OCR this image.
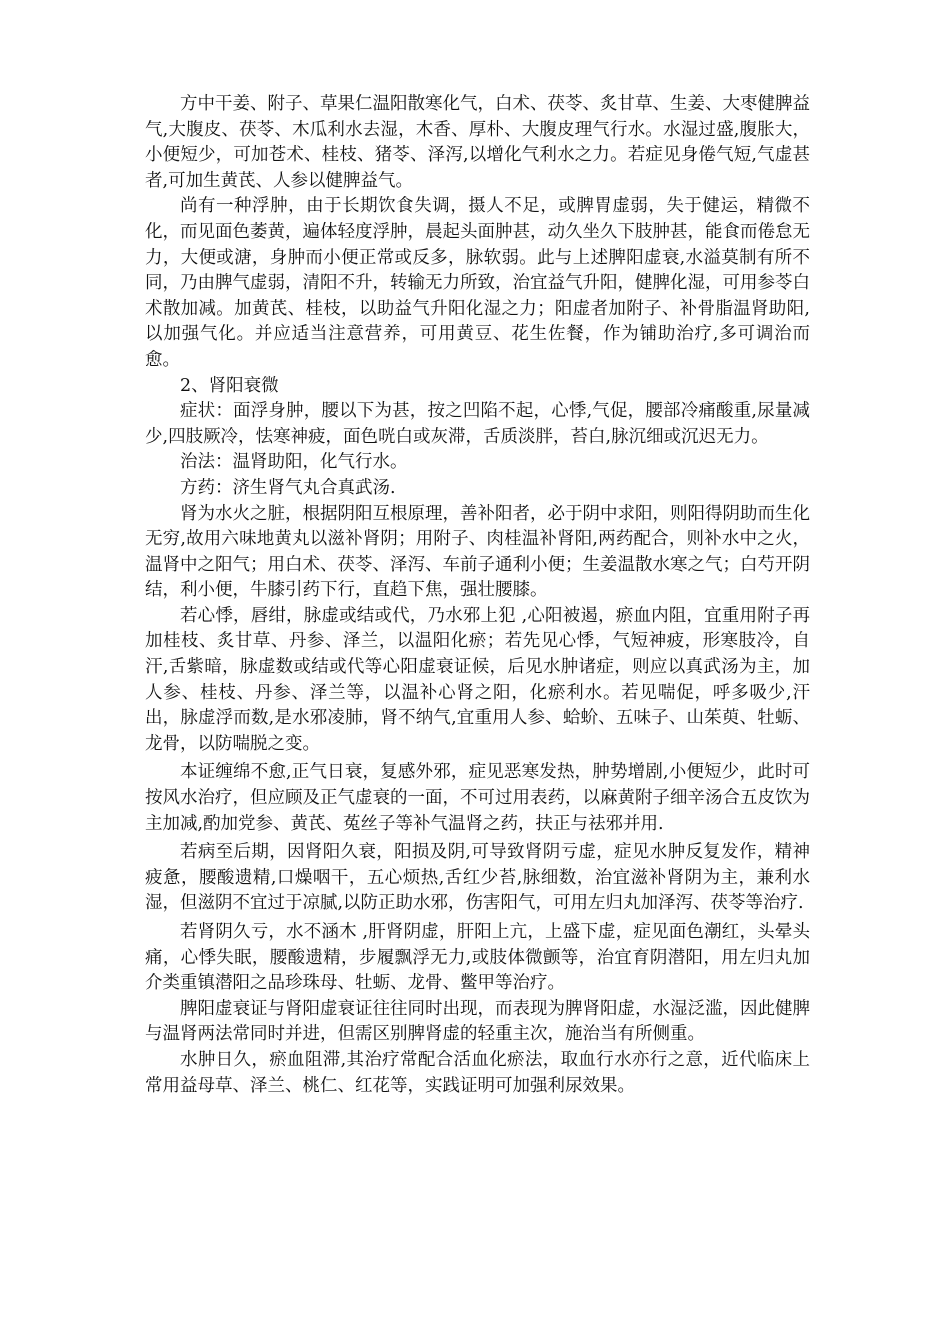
方中干姜、附子、草果仁温阳散寒化气，白术、茯苓、炙甘草、生姜、大枣健脾益气,大腹皮、茯苓、木瓜利水去湿，木香、厚朴、大腹皮理气行水。水湿过盛,腹胀大，小便短少，可加苍术、桂枝、猪苓、泽泻,以增化气利水之力。若症见身倦气短,气虚甚者,可加生黄芪、人参以健脾益气。

尚有一种浮肿，由于长期饮食失调，摄人不足，或脾胃虚弱，失于健运，精微不化，而见面色萎黄，遍体轻度浮肿，晨起头面肿甚，动久坐久下肢肿甚，能食而倦怠无力，大便或溏，身肿而小便正常或反多，脉软弱。此与上述脾阳虚衰,水溢莫制有所不同，乃由脾气虚弱，清阳不升，转输无力所致，治宜益气升阳，健脾化湿，可用参苓白术散加减。加黄芪、桂枝，以助益气升阳化湿之力；阳虚者加附子、补骨脂温肾助阳,以加强气化。并应适当注意营养，可用黄豆、花生佐餐，作为铺助治疗,多可调治而愈。

2、肾阳衰微

症状：面浮身肿，腰以下为甚，按之凹陷不起，心悸,气促，腰部冷痛酸重,尿量减少,四肢厥冷，怯寒神疲，面色咣白或灰滞，舌质淡胖，苔白,脉沉细或沉迟无力。

治法：温肾助阳，化气行水。

方药：济生肾气丸合真武汤.

肾为水火之脏，根据阴阳互根原理，善补阳者，必于阴中求阳，则阳得阴助而生化无穷,故用六味地黄丸以滋补肾阴；用附子、肉桂温补肾阳,两药配合，则补水中之火，温肾中之阳气；用白术、茯苓、泽泻、车前子通利小便；生姜温散水寒之气；白芍开阴结，利小便，牛膝引药下行，直趋下焦，强壮腰膝。

若心悸，唇绀，脉虚或结或代，乃水邪上犯 ,心阳被遏，瘀血内阻，宜重用附子再加桂枝、炙甘草、丹参、泽兰，以温阳化瘀；若先见心悸，气短神疲，形寒肢冷，自汗,舌紫暗，脉虚数或结或代等心阳虚衰证候，后见水肿诸症，则应以真武汤为主，加人参、桂枝、丹参、泽兰等，以温补心肾之阳，化瘀利水。若见喘促，呼多吸少,汗出，脉虚浮而数,是水邪凌肺，肾不纳气,宜重用人参、蛤蚧、五味子、山茱萸、牡蛎、龙骨，以防喘脱之变。

本证缠绵不愈,正气日衰，复感外邪，症见恶寒发热，肿势增剧,小便短少，此时可按风水治疗，但应顾及正气虚衰的一面，不可过用表药，以麻黄附子细辛汤合五皮饮为主加减,酌加党参、黄芪、菟丝子等补气温肾之药，扶正与祛邪并用.

若病至后期，因肾阳久衰，阳损及阴,可导致肾阴亏虚，症见水肿反复发作，精神疲惫，腰酸遗精,口燥咽干，五心烦热,舌红少苔,脉细数，治宜滋补肾阴为主，兼利水湿，但滋阴不宜过于凉腻,以防正助水邪，伤害阳气，可用左归丸加泽泻、茯苓等治疗.

若肾阴久亏，水不涵木 ,肝肾阴虚，肝阳上亢，上盛下虚，症见面色潮红，头晕头痛，心悸失眠，腰酸遗精，步履飘浮无力,或肢体微颤等，治宜育阴潜阳，用左归丸加介类重镇潜阳之品珍珠母、牡蛎、龙骨、鳖甲等治疗。

脾阳虚衰证与肾阳虚衰证往往同时出现，而表现为脾肾阳虚，水湿泛滥，因此健脾与温肾两法常同时并进，但需区别脾肾虚的轻重主次，施治当有所侧重。

水肿日久，瘀血阻滞,其治疗常配合活血化瘀法，取血行水亦行之意，近代临床上常用益母草、泽兰、桃仁、红花等，实践证明可加强利尿效果。
